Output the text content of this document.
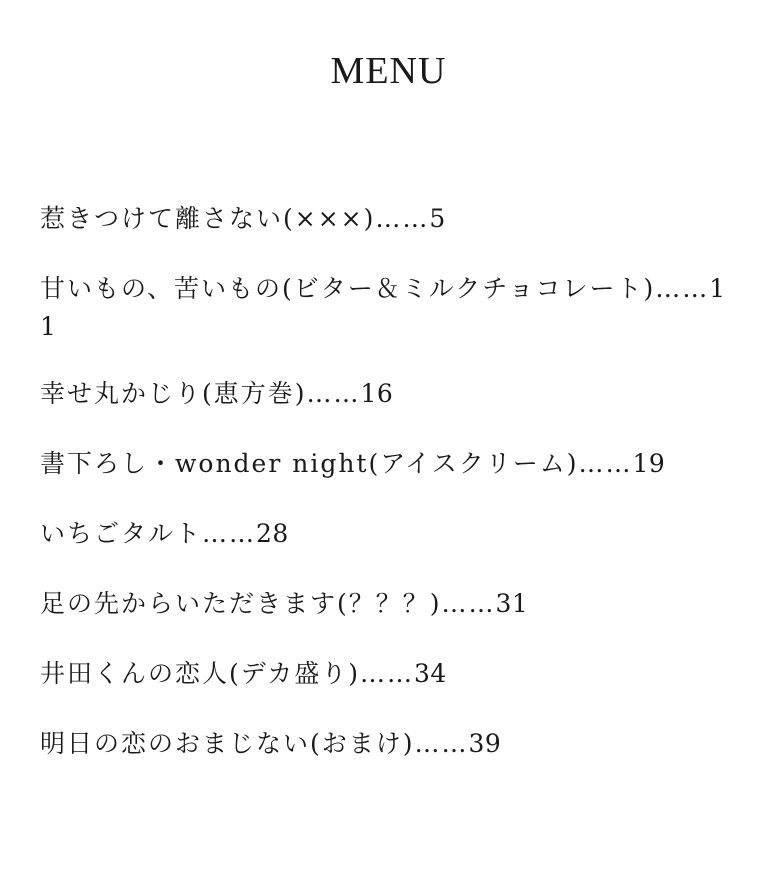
MENU
惹きつけて離さない(×××)……5
甘いもの、苦いもの(ビター＆ミルクチョコレート)……11
幸せ丸かじり(恵方巻)……16
書下ろし・wonder night(アイスクリーム)……19
いちごタルト……28
足の先からいただきます(？？？)……31
井田くんの恋人(デカ盛り)……34
明日の恋のおまじない(おまけ)……39
